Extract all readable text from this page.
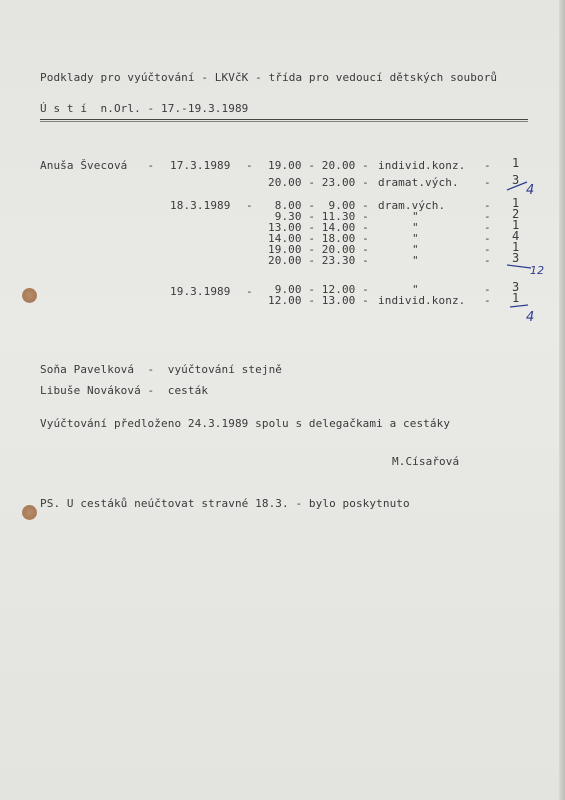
Podklady pro vyúčtování - LKVčK - třída pro vedoucí dětských souborů
Ú s t í  n.Orl. - 17.-19.3.1989
Anuša Švecová   - 17.3.1989 - 19.00 - 20.00 - individ.konz. - 1
20.00 - 23.00 - dramat.vých. - 3
4
18.3.1989 - 8.00 -  9.00 - dram.vých.	- 1
9.30 - 11.30 -	"	- 2
13.00 - 14.00 -	"	- 1
14.00 - 18.00 -	"	- 4
19.00 - 20.00 -	"	- 1
20.00 - 23.30 -	"	- 3
12
19.3.1989 - 9.00 - 12.00 -	"	- 3
12.00 - 13.00 - individ.konz. - 1
4
Soňa Pavelková  -  vyúčtování stejně
Libuše Nováková -  cesták
Vyúčtování předloženo 24.3.1989 spolu s delegačkami a cestáky
M.Císařová
PS. U cestáků neúčtovat stravné 18.3. - bylo poskytnuto
